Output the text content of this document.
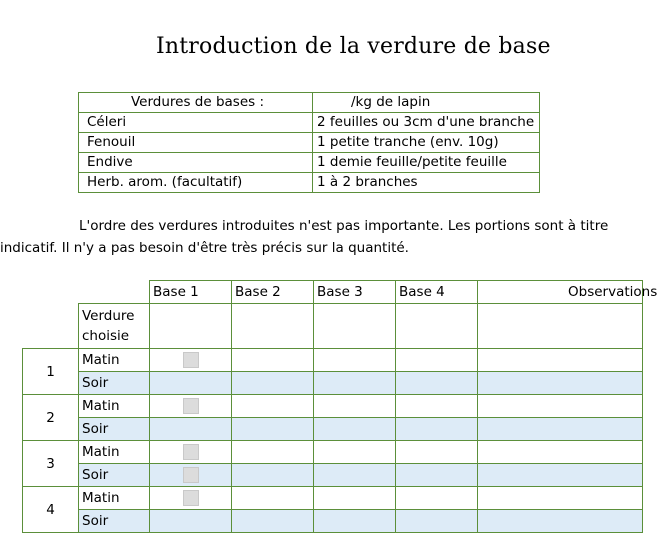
Introduction de la verdure de base
Verdures de bases :	/kg de lapin
Céleri	2 feuilles ou 3cm d'une branche
Fenouil	1 petite tranche (env. 10g)
Endive	1 demie feuille/petite feuille
Herb. arom. (facultatif)	1 à 2 branches
L'ordre des verdures introduites n'est pas importante. Les portions sont à titre
indicatif. Il n'y a pas besoin d'être très précis sur la quantité.
		Base 1	Base 2	Base 3	Base 4	Observations
	Verdure choisie					
1	Matin	

	Soir					
2	Matin	

	Soir					
3	Matin	

	Soir	

4	Matin	

	Soir					
